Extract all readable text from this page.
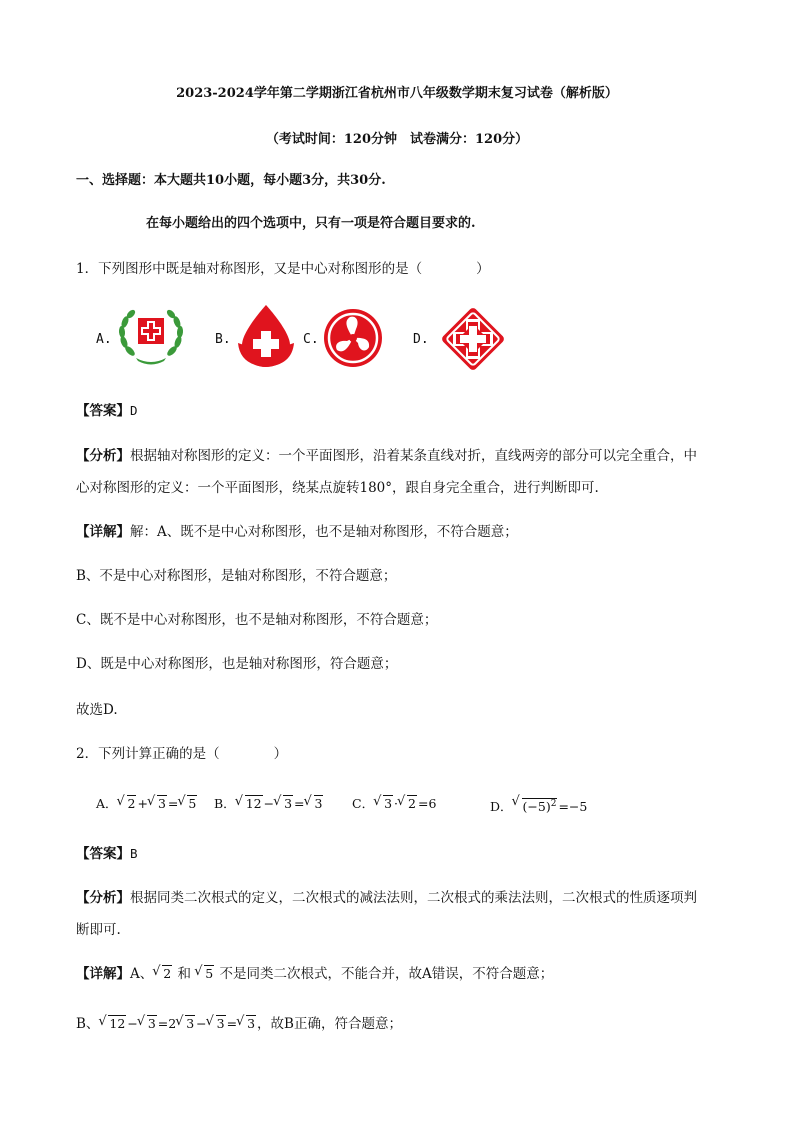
2023-2024学年第二学期浙江省杭州市八年级数学期末复习试卷（解析版）
（考试时间：120分钟　试卷满分：120分）
一、选择题：本大题共10小题，每小题3分，共30分.
在每小题给出的四个选项中，只有一项是符合题目要求的.
1．下列图形中既是轴对称图形，又是中心对称图形的是（　　　　）
A.	B.	C.	D.
【答案】D
【分析】根据轴对称图形的定义：一个平面图形，沿着某条直线对折，直线两旁的部分可以完全重合，中
心对称图形的定义：一个平面图形，绕某点旋转180°，跟自身完全重合，进行判断即可.
【详解】解：A、既不是中心对称图形，也不是轴对称图形，不符合题意；
B、不是中心对称图形，是轴对称图形，不符合题意；
C、既不是中心对称图形，也不是轴对称图形，不符合题意；
D、既是中心对称图形，也是轴对称图形，符合题意；
故选D.
2．下列计算正确的是（　　　　）
A． √ 2 + √ 3 = √ 5 B． √ 12 − √ 3 = √ 3 C． √ 3 · √ 2 =6	D． √ $(-5)^2 =-5$
【答案】B
【分析】根据同类二次根式的定义，二次根式的减法法则，二次根式的乘法法则，二次根式的性质逐项判
断即可.
【详解】A、 √ 2 和 √ 5 不是同类二次根式，不能合并，故A错误，不符合题意；
B、 √ 12 − √ 3 =2 √ 3 − √ 3 = √ 3 ，故B正确，符合题意；
